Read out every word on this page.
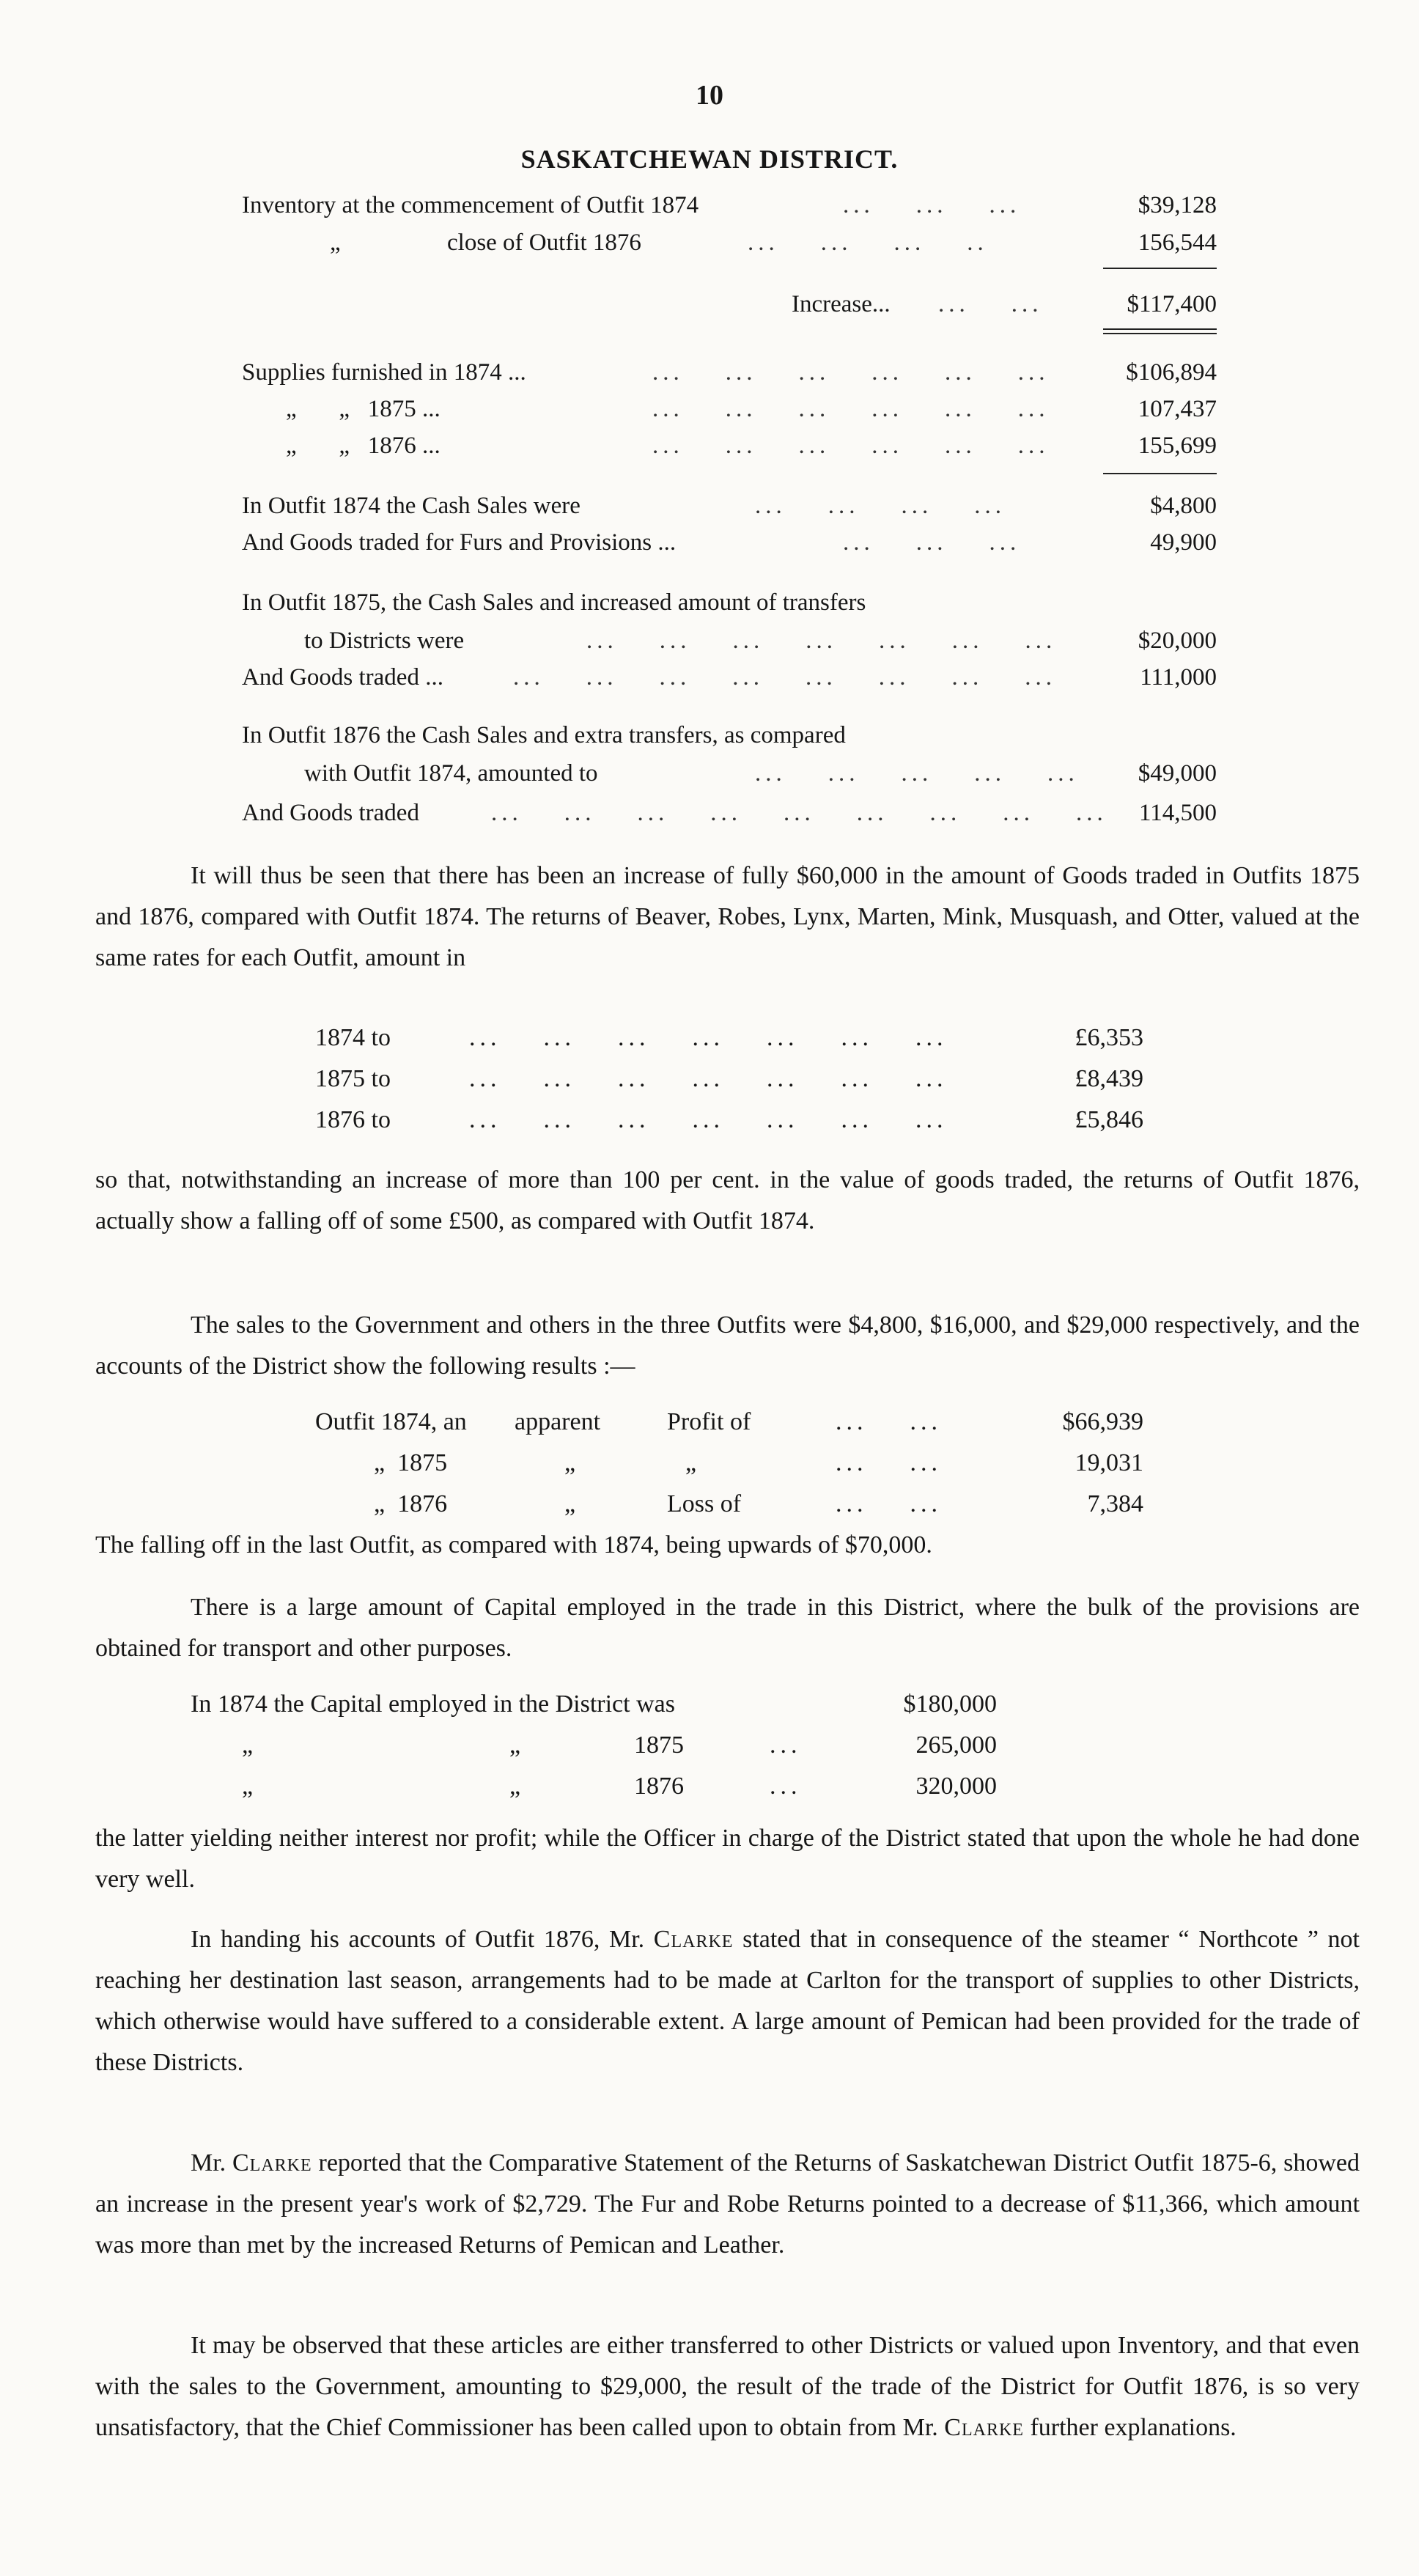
10
SASKATCHEWAN DISTRICT.
Inventory at the commencement of Outfit 1874	...    ...    ...	$39,128
„	close of Outfit 1876	...    ...    ...    ..	156,544
Increase... ...    ...	$117,400
Supplies furnished in 1874 ...	...    ...    ...    ...    ...    ...	$106,894
„       „   1875 ...	...    ...    ...    ...    ...    ...	107,437
„       „   1876 ...	...    ...    ...    ...    ...    ...	155,699
In Outfit 1874 the Cash Sales were	...    ...    ...    ...	$4,800
And Goods traded for Furs and Provisions ...	...    ...    ...	49,900
In Outfit 1875, the Cash Sales and increased amount of transfers
to Districts were	...    ...    ...    ...    ...    ...    ...	$20,000
And Goods traded ...	...    ...    ...    ...    ...    ...    ...    ...	111,000
In Outfit 1876 the Cash Sales and extra transfers, as compared
with Outfit 1874, amounted to	...    ...    ...    ...    ... $49,000
And Goods traded	...    ...    ...    ...    ...    ...    ...    ...    ... 114,500

It will thus be seen that there has been an increase of fully $60,000 in the amount of Goods traded in Outfits 1875 and 1876, compared with Outfit 1874. The returns of Beaver, Robes, Lynx, Marten, Mink, Musquash, and Otter, valued at the same rates for each Outfit, amount in

1874 to	...    ...    ...    ...    ...    ...    ...	£6,353
1875 to	...    ...    ...    ...    ...    ...    ...	£8,439
1876 to	...    ...    ...    ...    ...    ...    ...	£5,846

so that, notwithstanding an increase of more than 100 per cent. in the value of goods traded, the returns of Outfit 1876, actually show a falling off of some £500, as compared with Outfit 1874.

The sales to the Government and others in the three Outfits were $4,800, $16,000, and $29,000 respectively, and the accounts of the District show the following results :—

Outfit 1874, an apparent	Profit of	...    ...	$66,939
„  1875	„	„	...    ...	19,031
„  1876	„	Loss of	...    ...	7,384

The falling off in the last Outfit, as compared with 1874, being upwards of $70,000.

There is a large amount of Capital employed in the trade in this District, where the bulk of the provisions are obtained for transport and other purposes.

In 1874 the Capital employed in the District was	$180,000
„	„	1875	...	265,000
„	„	1876	...	320,000

the latter yielding neither interest nor profit; while the Officer in charge of the District stated that upon the whole he had done very well.

In handing his accounts of Outfit 1876, Mr. Clarke stated that in consequence of the steamer “ Northcote ” not reaching her destination last season, arrangements had to be made at Carlton for the transport of supplies to other Districts, which otherwise would have suffered to a considerable extent. A large amount of Pemican had been provided for the trade of these Districts.

Mr. Clarke reported that the Comparative Statement of the Returns of Saskatchewan District Outfit 1875-6, showed an increase in the present year's work of $2,729. The Fur and Robe Returns pointed to a decrease of $11,366, which amount was more than met by the increased Returns of Pemican and Leather.

It may be observed that these articles are either transferred to other Districts or valued upon Inventory, and that even with the sales to the Government, amounting to $29,000, the result of the trade of the District for Outfit 1876, is so very unsatisfactory, that the Chief Commissioner has been called upon to obtain from Mr. Clarke further explanations.
